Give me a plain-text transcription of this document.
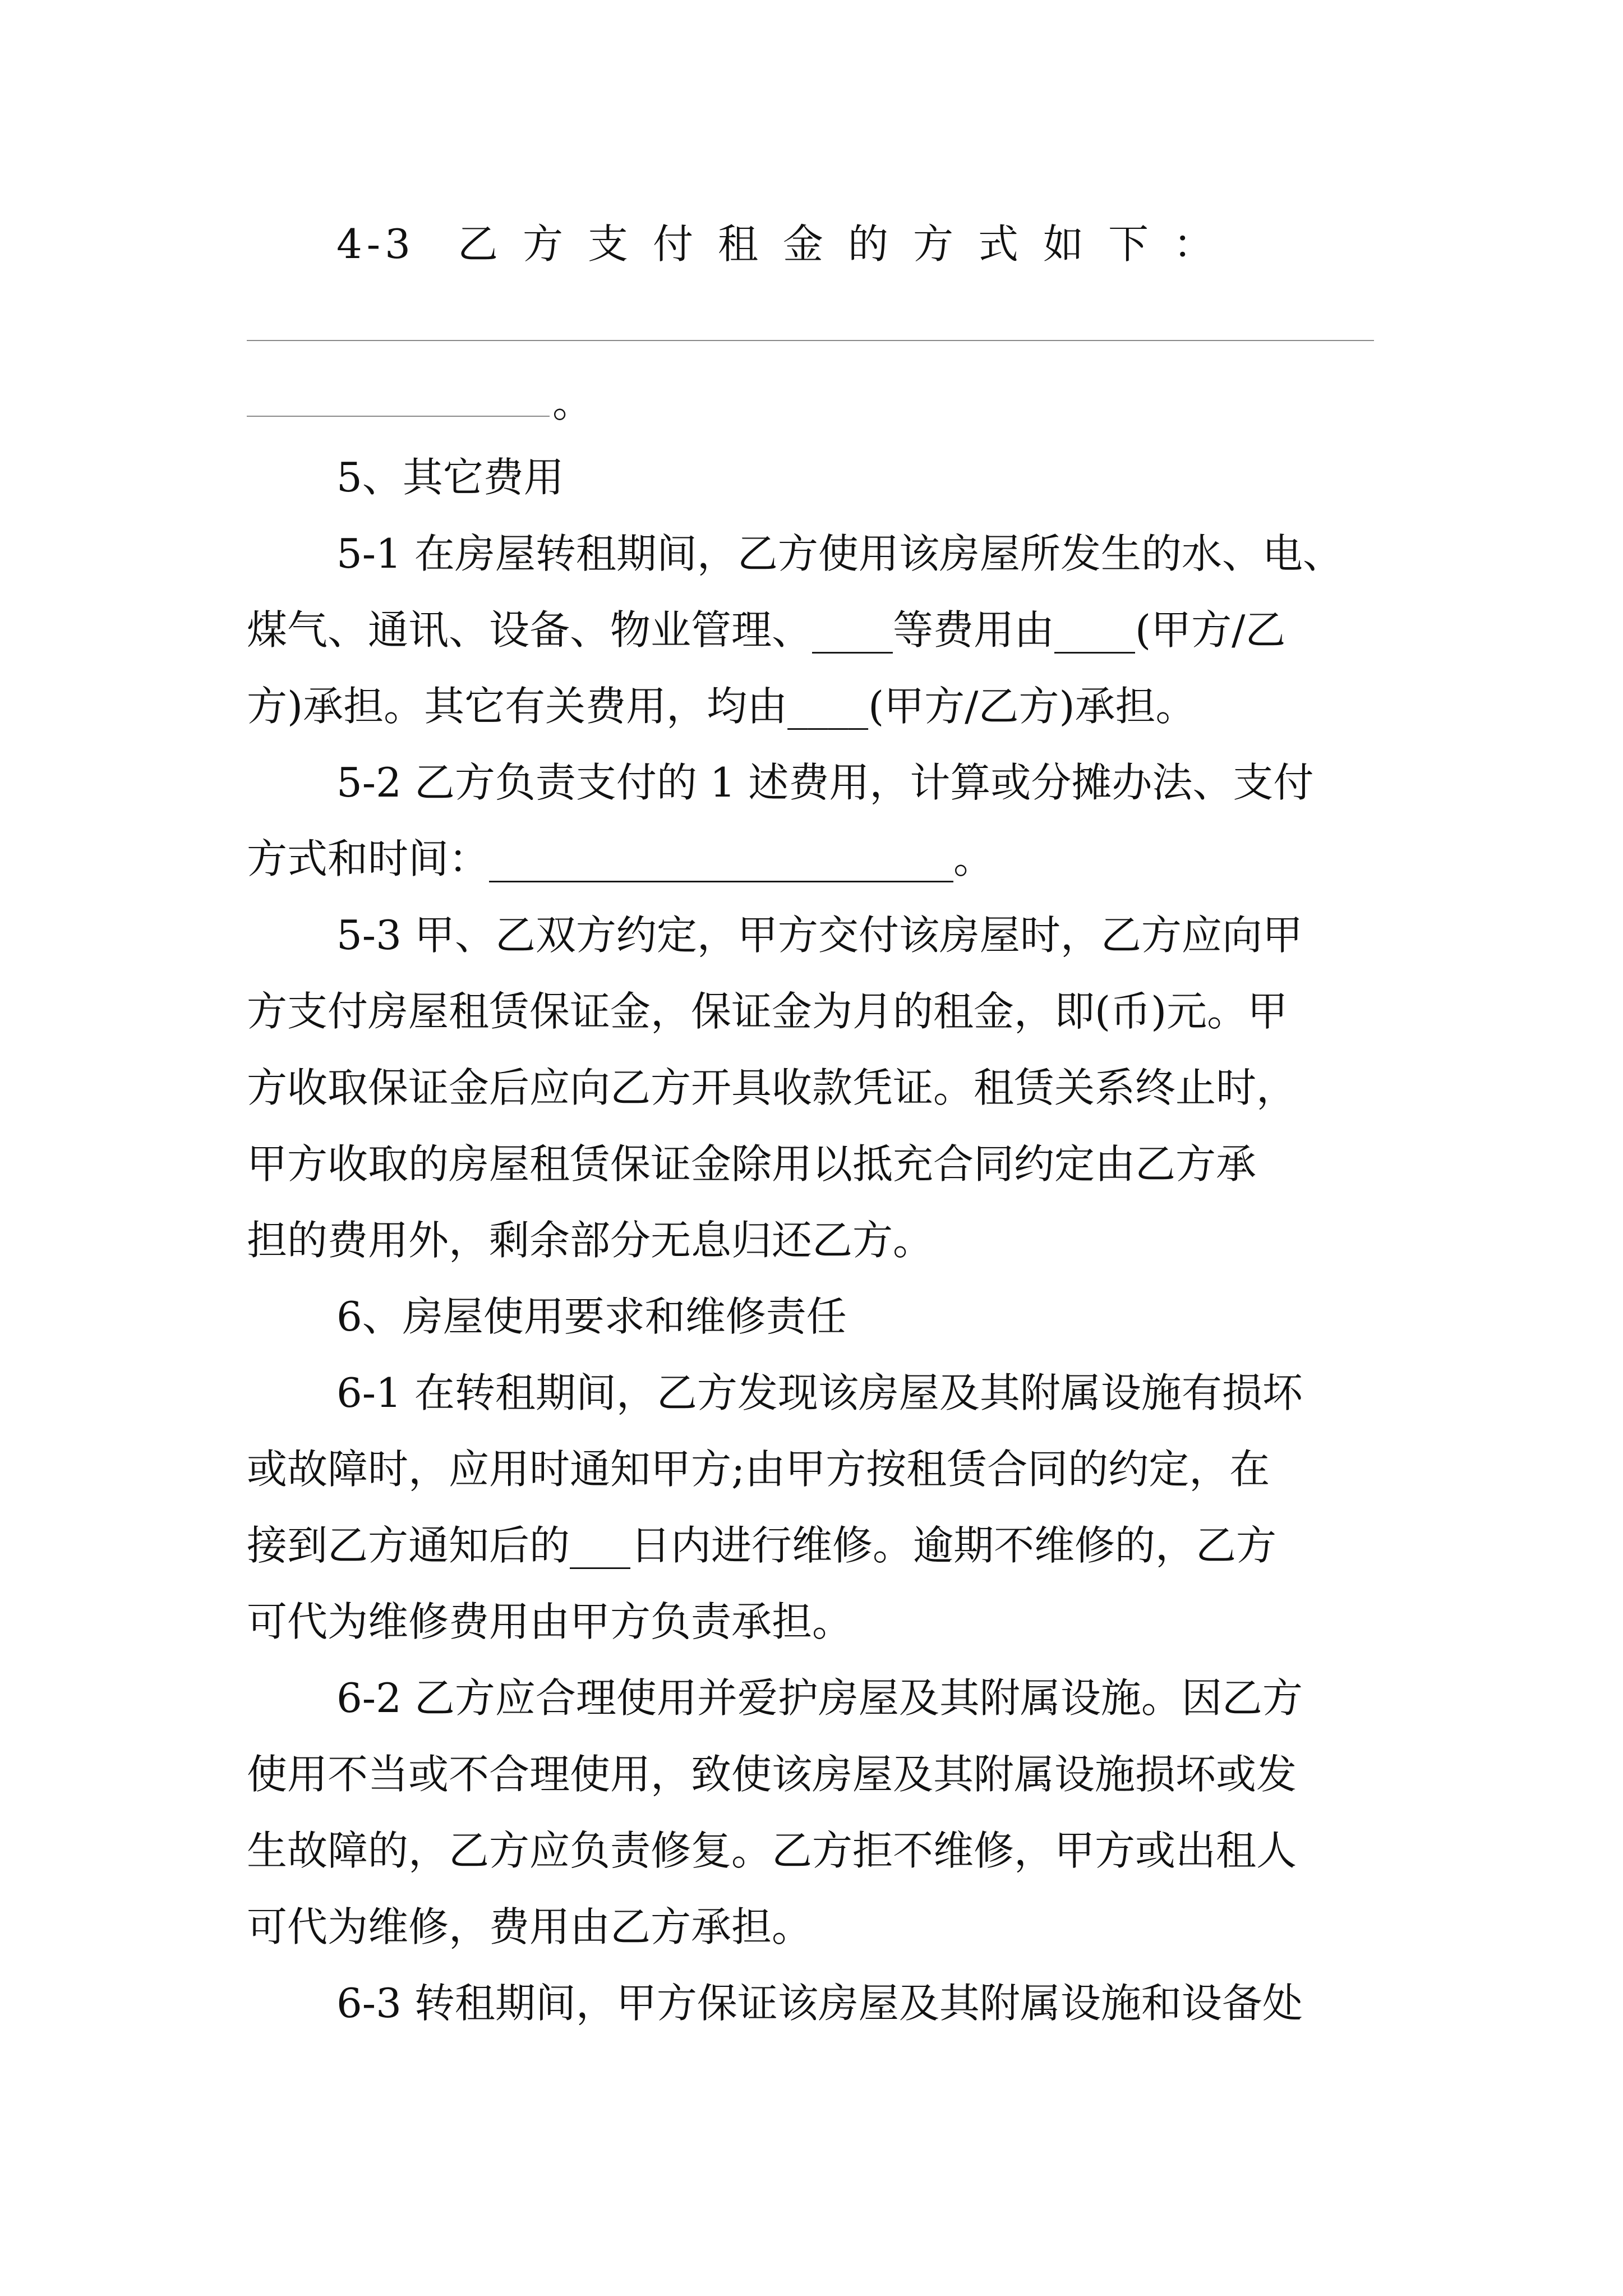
4-3 乙方支付租金的方式如下：
。
5、其它费用
5-1 在房屋转租期间，乙方使用该房屋所发生的水、电、
煤气、通讯、设备、物业管理、____等费用由____(甲方/乙
方)承担。其它有关费用，均由____(甲方/乙方)承担。
5-2 乙方负责支付的 1 述费用，计算或分摊办法、支付
方式和时间：_______________________。
5-3 甲、乙双方约定，甲方交付该房屋时，乙方应向甲
方支付房屋租赁保证金，保证金为月的租金，即(币)元。甲
方收取保证金后应向乙方开具收款凭证。租赁关系终止时，
甲方收取的房屋租赁保证金除用以抵充合同约定由乙方承
担的费用外，剩余部分无息归还乙方。
6、房屋使用要求和维修责任
6-1 在转租期间，乙方发现该房屋及其附属设施有损坏
或故障时，应用时通知甲方;由甲方按租赁合同的约定，在
接到乙方通知后的___日内进行维修。逾期不维修的，乙方
可代为维修费用由甲方负责承担。
6-2 乙方应合理使用并爱护房屋及其附属设施。因乙方
使用不当或不合理使用，致使该房屋及其附属设施损坏或发
生故障的，乙方应负责修复。乙方拒不维修，甲方或出租人
可代为维修，费用由乙方承担。
6-3 转租期间，甲方保证该房屋及其附属设施和设备处
